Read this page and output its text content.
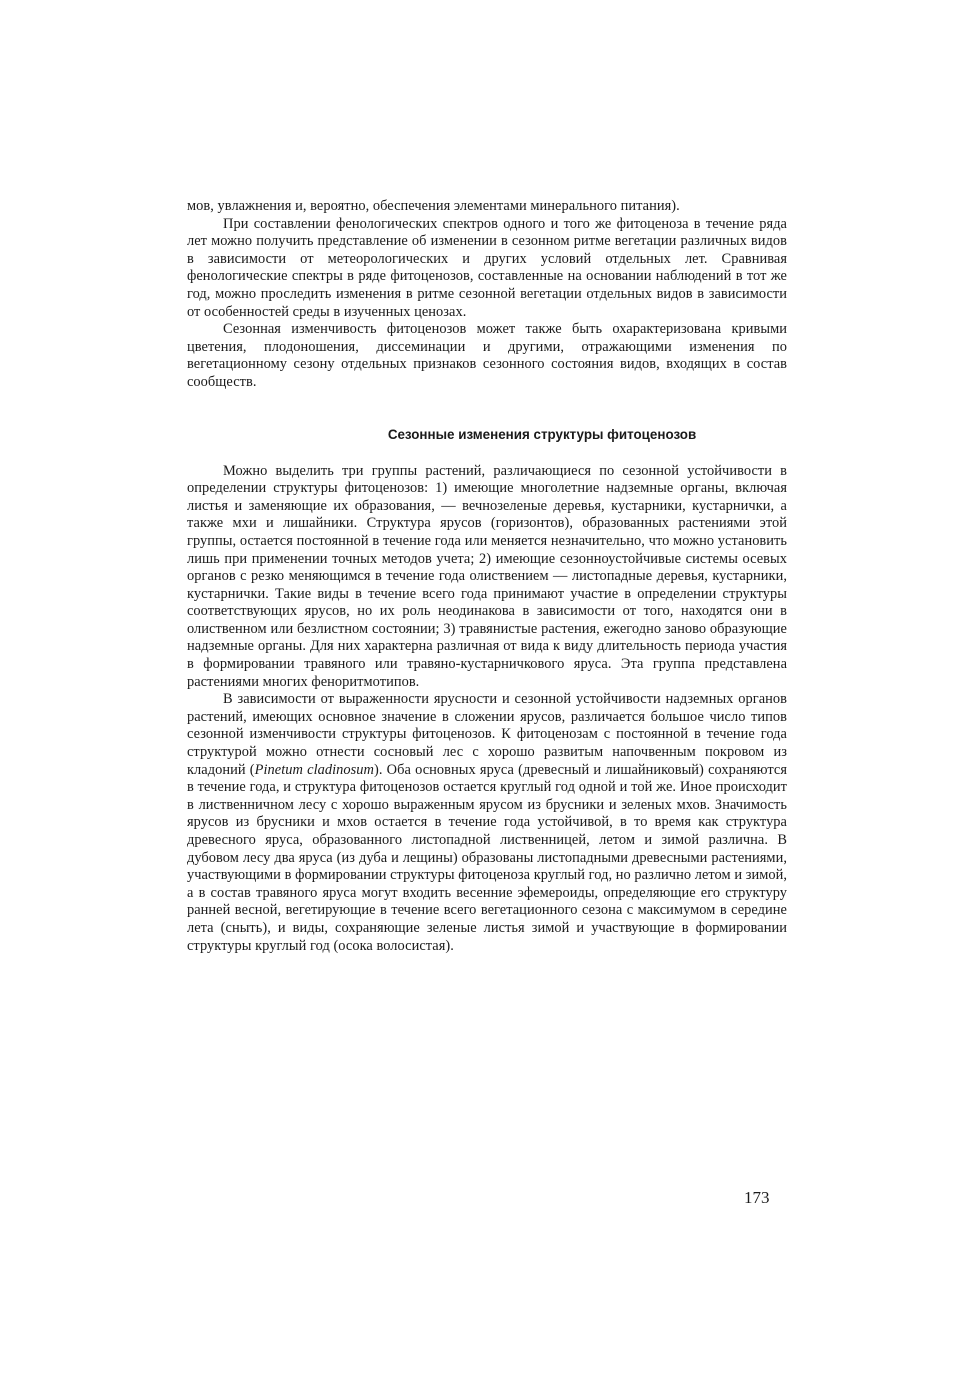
мов, увлажнения и, вероятно, обеспечения элементами минерального питания).

При составлении фенологических спектров одного и того же фитоценоза в течение ряда лет можно получить представление об изменении в сезонном ритме вегетации различных видов в зависимости от метеорологических и других условий отдельных лет. Сравнивая фенологические спектры в ряде фитоценозов, составленные на основании наблюдений в тот же год, можно проследить изменения в ритме сезонной вегетации отдельных видов в зависимости от особенностей среды в изученных ценозах.

Сезонная изменчивость фитоценозов может также быть охарактеризована кривыми цветения, плодоношения, диссеминации и другими, отражающими изменения по вегетационному сезону отдельных признаков сезонного состояния видов, входящих в состав сообществ.

Сезонные изменения структуры фитоценозов

Можно выделить три группы растений, различающиеся по сезонной устойчивости в определении структуры фитоценозов: 1) имеющие многолетние надземные органы, включая листья и заменяющие их образования, — вечнозеленые деревья, кустарники, кустарнички, а также мхи и лишайники. Структура ярусов (горизонтов), образованных растениями этой группы, остается постоянной в течение года или меняется незначительно, что можно установить лишь при применении точных методов учета; 2) имеющие сезонноустойчивые системы осевых органов с резко меняющимся в течение года олиствением — листопадные деревья, кустарники, кустарнички. Такие виды в течение всего года принимают участие в определении структуры соответствующих ярусов, но их роль неодинакова в зависимости от того, находятся они в олиственном или безлистном состоянии; 3) травянистые растения, ежегодно заново образующие надземные органы. Для них характерна различная от вида к виду длительность периода участия в формировании травяного или травяно-кустарничкового яруса. Эта группа представлена растениями многих феноритмотипов.

В зависимости от выраженности ярусности и сезонной устойчивости надземных органов растений, имеющих основное значение в сложении ярусов, различается большое число типов сезонной изменчивости структуры фитоценозов. К фитоценозам с постоянной в течение года структурой можно отнести сосновый лес с хорошо развитым напочвенным покровом из кладоний (Pinetum cladinosum). Оба основных яруса (древесный и лишайниковый) сохраняются в течение года, и структура фитоценозов остается круглый год одной и той же. Иное происходит в лиственничном лесу с хорошо выраженным ярусом из брусники и зеленых мхов. Значимость ярусов из брусники и мхов остается в течение года устойчивой, в то время как структура древесного яруса, образованного листопадной лиственницей, летом и зимой различна. В дубовом лесу два яруса (из дуба и лещины) образованы листопадными древесными растениями, участвующими в формировании структуры фитоценоза круглый год, но различно летом и зимой, а в состав травяного яруса могут входить весенние эфемероиды, определяющие его структуру ранней весной, вегетирующие в течение всего вегетационного сезона с максимумом в середине лета (сныть), и виды, сохраняющие зеленые листья зимой и участвующие в формировании структуры круглый год (осока волосистая).

173
